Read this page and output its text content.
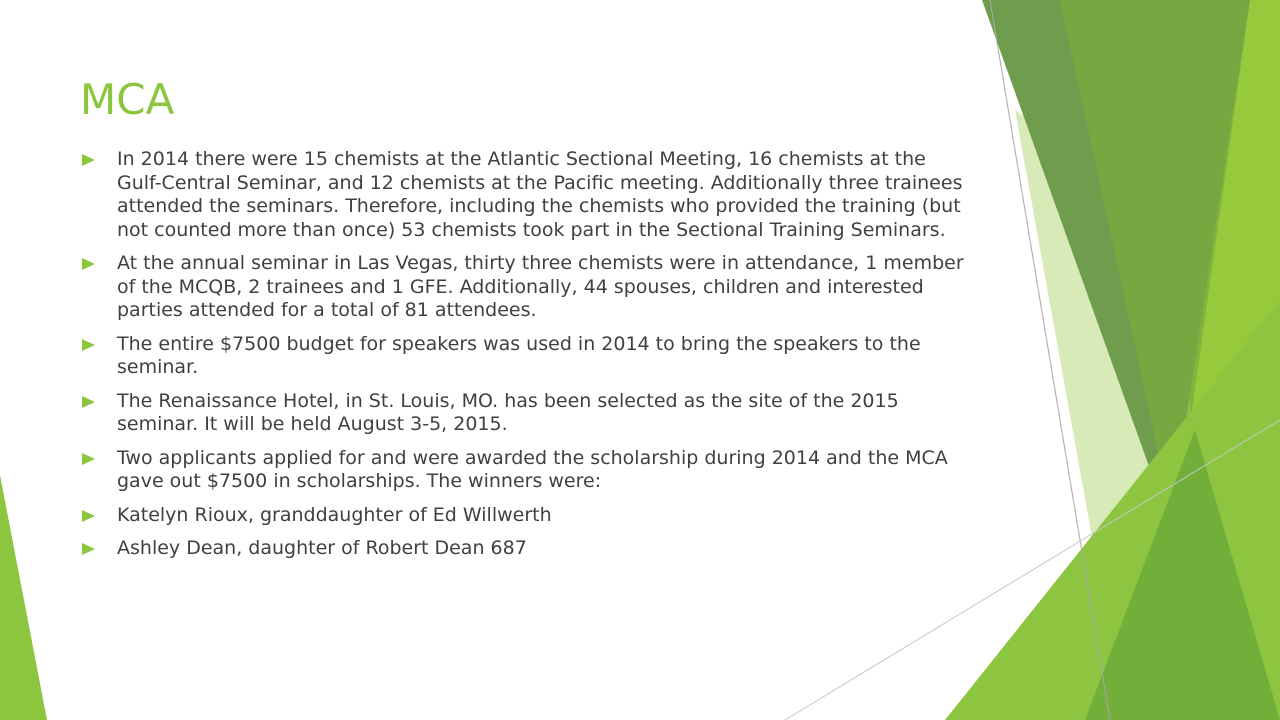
MCA
In 2014 there were 15 chemists at the Atlantic Sectional Meeting, 16 chemists at the Gulf-Central Seminar, and 12 chemists at the Pacific meeting. Additionally three trainees attended the seminars. Therefore, including the chemists who provided the training (but not counted more than once) 53 chemists took part in the Sectional Training Seminars.
At the annual seminar in Las Vegas, thirty three chemists were in attendance, 1 member of the MCQB, 2 trainees and 1 GFE. Additionally, 44 spouses, children and interested parties attended for a total of 81 attendees.
The entire $7500 budget for speakers was used in 2014 to bring the speakers to the seminar.
The Renaissance Hotel, in St. Louis, MO. has been selected as the site of the 2015 seminar. It will be held August 3-5, 2015.
Two applicants applied for and were awarded the scholarship during 2014 and the MCA gave out $7500 in scholarships. The winners were:
Katelyn Rioux, granddaughter of Ed Willwerth
Ashley Dean, daughter of Robert Dean 687
